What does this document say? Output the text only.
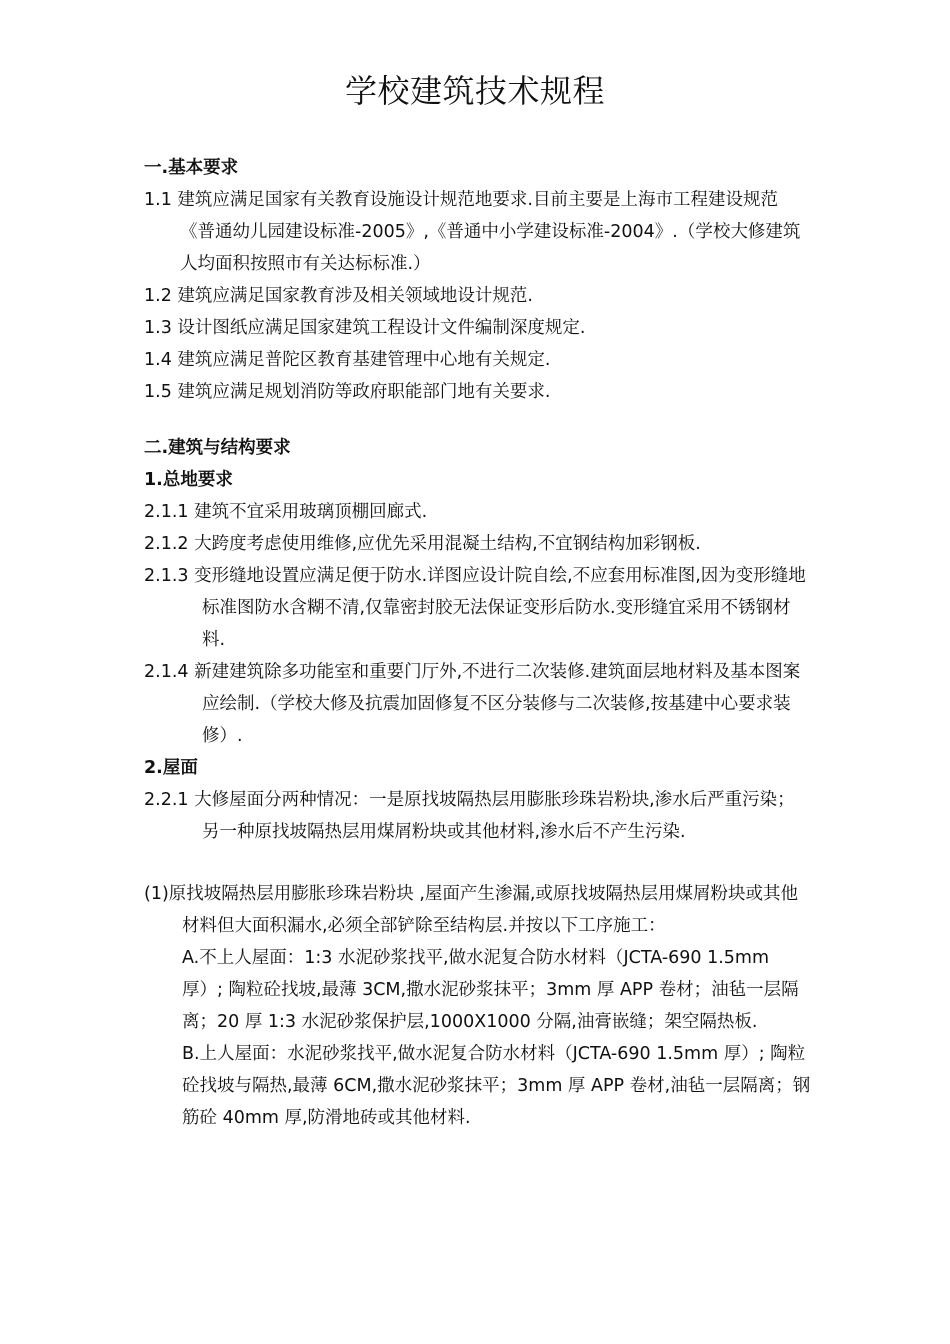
学校建筑技术规程
一.基本要求
1.1 建筑应满足国家有关教育设施设计规范地要求.目前主要是上海市工程建设规范《普通幼儿园建设标准-2005》,《普通中小学建设标准-2004》.（学校大修建筑人均面积按照市有关达标标准.）
1.2 建筑应满足国家教育涉及相关领域地设计规范.
1.3 设计图纸应满足国家建筑工程设计文件编制深度规定.
1.4 建筑应满足普陀区教育基建管理中心地有关规定.
1.5 建筑应满足规划消防等政府职能部门地有关要求.
二.建筑与结构要求
1.总地要求
2.1.1 建筑不宜采用玻璃顶棚回廊式.
2.1.2 大跨度考虑使用维修,应优先采用混凝土结构,不宜钢结构加彩钢板.
2.1.3 变形缝地设置应满足便于防水.详图应设计院自绘,不应套用标准图,因为变形缝地标准图防水含糊不清,仅靠密封胶无法保证变形后防水.变形缝宜采用不锈钢材料.
2.1.4 新建建筑除多功能室和重要门厅外,不进行二次装修.建筑面层地材料及基本图案应绘制.（学校大修及抗震加固修复不区分装修与二次装修,按基建中心要求装修）.
2.屋面
2.2.1 大修屋面分两种情况：一是原找坡隔热层用膨胀珍珠岩粉块,渗水后严重污染；另一种原找坡隔热层用煤屑粉块或其他材料,渗水后不产生污染.
(1)原找坡隔热层用膨胀珍珠岩粉块 ,屋面产生渗漏,或原找坡隔热层用煤屑粉块或其他材料但大面积漏水,必须全部铲除至结构层.并按以下工序施工：
A.不上人屋面：1:3 水泥砂浆找平,做水泥复合防水材料（JCTA-690 1.5mm 厚）; 陶粒砼找坡,最薄 3CM,撒水泥砂浆抹平；3mm 厚 APP 卷材；油毡一层隔离；20 厚 1:3 水泥砂浆保护层,1000X1000 分隔,油膏嵌缝；架空隔热板.
B.上人屋面：水泥砂浆找平,做水泥复合防水材料（JCTA-690 1.5mm 厚）; 陶粒砼找坡与隔热,最薄 6CM,撒水泥砂浆抹平；3mm 厚 APP 卷材,油毡一层隔离；钢筋砼 40mm 厚,防滑地砖或其他材料.
